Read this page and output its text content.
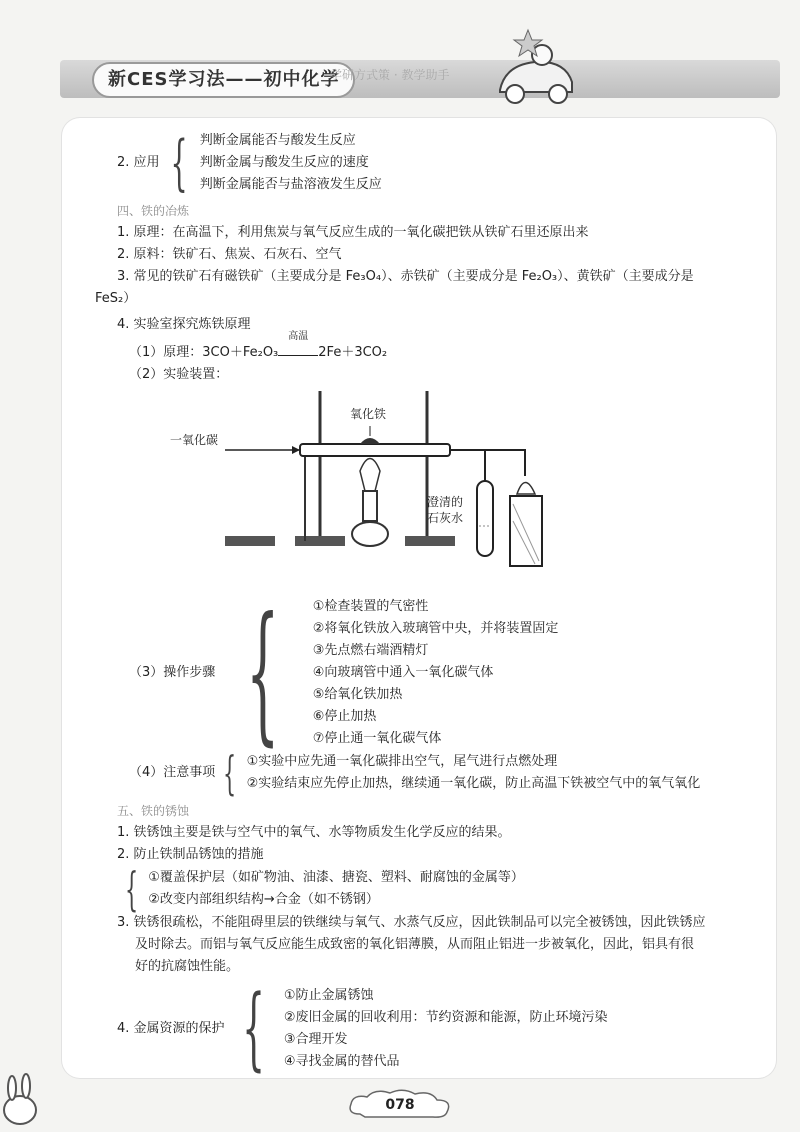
新CES学习法——初中化学
学研方式策 · 教学助手
2. 应用 { 判断金属能否与酸发生反应
判断金属与酸发生反应的速度
判断金属能否与盐溶液发生反应
四、铁的冶炼
1. 原理：在高温下，利用焦炭与氧气反应生成的一氧化碳把铁从铁矿石里还原出来
2. 原料：铁矿石、焦炭、石灰石、空气
3. 常见的铁矿石有磁铁矿（主要成分是 Fe₃O₄）、赤铁矿（主要成分是 Fe₂O₃）、黄铁矿（主要成分是
FeS₂）
4. 实验室探究炼铁原理
（1）原理：3CO＋Fe₂O₃
高温
2Fe＋3CO₂
（2）实验装置：
一氧化碳
氧化铁
澄清的
石灰水
（3）操作步骤 {	①检查装置的气密性
②将氧化铁放入玻璃管中央，并将装置固定
③先点燃右端酒精灯
④向玻璃管中通入一氧化碳气体
⑤给氧化铁加热
⑥停止加热
⑦停止通一氧化碳气体
（4）注意事项 { ①实验中应先通一氧化碳排出空气，尾气进行点燃处理
②实验结束应先停止加热，继续通一氧化碳，防止高温下铁被空气中的氧气氧化
五、铁的锈蚀
1. 铁锈蚀主要是铁与空气中的氧气、水等物质发生化学反应的结果。
2. 防止铁制品锈蚀的措施
{ ①覆盖保护层（如矿物油、油漆、搪瓷、塑料、耐腐蚀的金属等）
②改变内部组织结构→合金（如不锈钢）
3. 铁锈很疏松，不能阻碍里层的铁继续与氧气、水蒸气反应，因此铁制品可以完全被锈蚀，因此铁锈应
及时除去。而铝与氧气反应能生成致密的氧化铝薄膜，从而阻止铝进一步被氧化，因此，铝具有很
好的抗腐蚀性能。
4. 金属资源的保护 { ①防止金属锈蚀
②废旧金属的回收利用：节约资源和能源，防止环境污染
③合理开发
④寻找金属的替代品
078
